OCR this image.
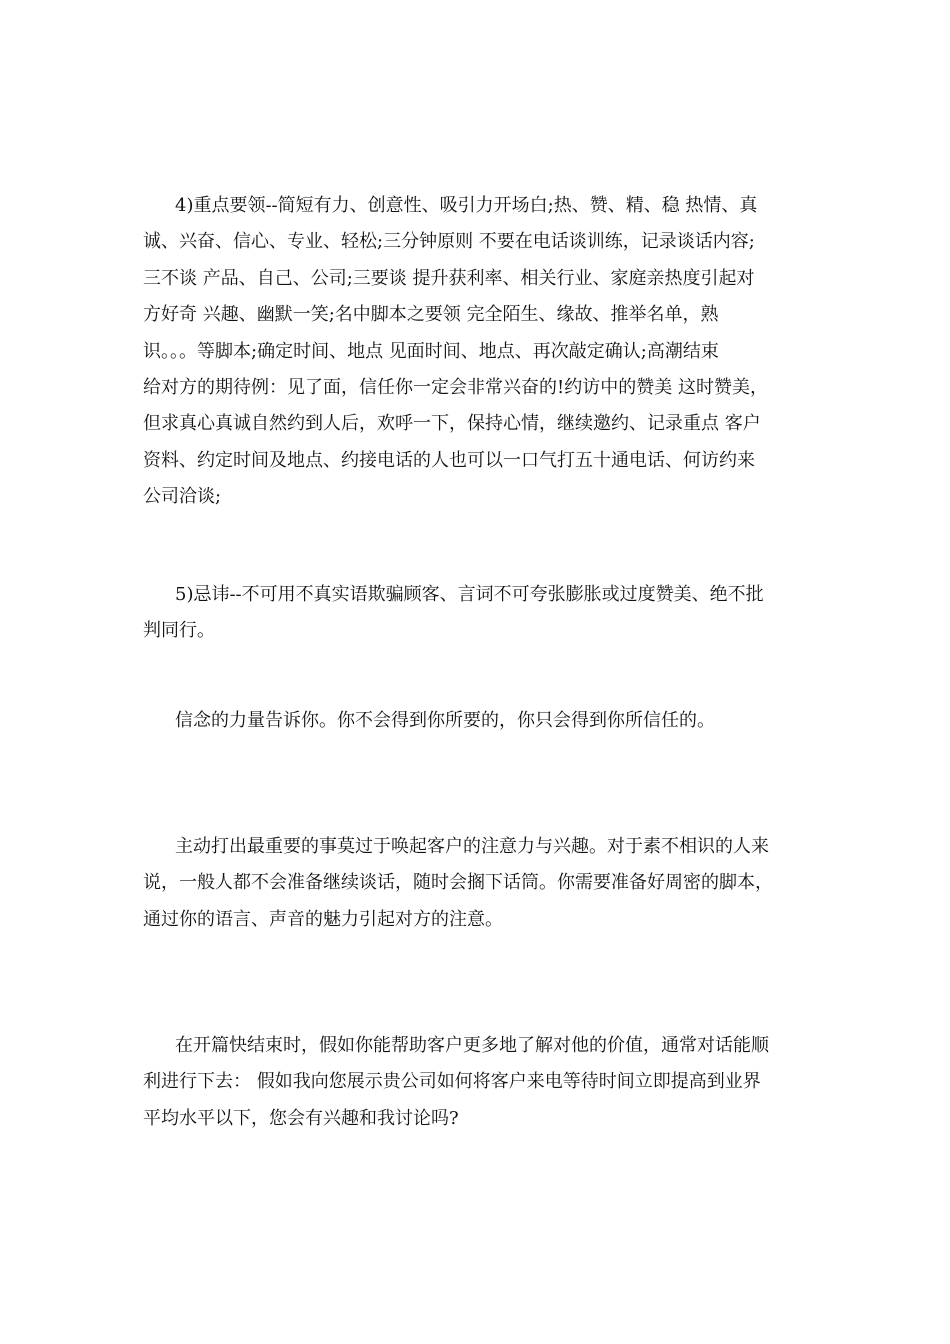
4)重点要领--简短有力、创意性、吸引力开场白;热、赞、精、稳 热情、真
诚、兴奋、信心、专业、轻松;三分钟原则 不要在电话谈训练，记录谈话内容;
三不谈 产品、自己、公司;三要谈 提升获利率、相关行业、家庭亲热度引起对
方好奇 兴趣、幽默一笑;名中脚本之要领 完全陌生、缘故、推举名单，熟
识。。。等脚本;确定时间、地点 见面时间、地点、再次敲定确认;高潮结束
给对方的期待例：见了面，信任你一定会非常兴奋的!约访中的赞美 这时赞美，
但求真心真诚自然约到人后，欢呼一下，保持心情，继续邀约、记录重点 客户
资料、约定时间及地点、约接电话的人也可以一口气打五十通电话、何访约来
公司洽谈;
5)忌讳--不可用不真实语欺骗顾客、言词不可夸张膨胀或过度赞美、绝不批
判同行。
信念的力量告诉你。你不会得到你所要的，你只会得到你所信任的。
主动打出最重要的事莫过于唤起客户的注意力与兴趣。对于素不相识的人来
说，一般人都不会准备继续谈话，随时会搁下话筒。你需要准备好周密的脚本，
通过你的语言、声音的魅力引起对方的注意。
在开篇快结束时，假如你能帮助客户更多地了解对他的价值，通常对话能顺
利进行下去： 假如我向您展示贵公司如何将客户来电等待时间立即提高到业界
平均水平以下，您会有兴趣和我讨论吗?
